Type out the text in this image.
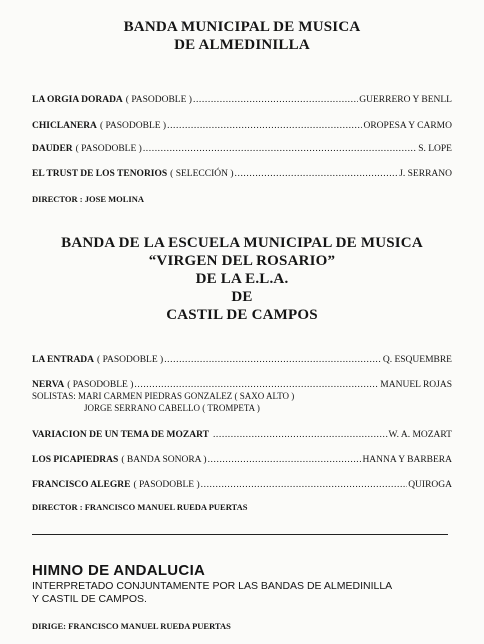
BANDA MUNICIPAL DE MUSICA
DE ALMEDINILLA
LA ORGIA DORADA ( PASODOBLE ) .....	GUERRERO Y BENLL
CHICLANERA ( PASODOBLE ) .....	OROPESA Y CARMO
DAUDER ( PASODOBLE ) .....	S. LOPE
EL TRUST DE LOS TENORIOS ( SELECCIÓN ) .....	J. SERRANO
DIRECTOR : JOSE MOLINA
BANDA DE LA ESCUELA MUNICIPAL DE MUSICA
“VIRGEN DEL ROSARIO”
DE LA E.L.A.
DE
CASTIL DE CAMPOS
LA ENTRADA ( PASODOBLE ) .....	Q. ESQUEMBRE
NERVA ( PASODOBLE ) .....	MANUEL ROJAS
SOLISTAS: MARI CARMEN PIEDRAS GONZALEZ ( SAXO ALTO )
JORGE SERRANO CABELLO ( TROMPETA )
VARIACION DE UN TEMA DE MOZART .....	W. A. MOZART
LOS PICAPIEDRAS ( BANDA SONORA ) .....	HANNA Y BARBERA
FRANCISCO ALEGRE ( PASODOBLE ) .....	QUIROGA
DIRECTOR : FRANCISCO MANUEL RUEDA PUERTAS
HIMNO DE ANDALUCIA
INTERPRETADO CONJUNTAMENTE POR LAS BANDAS DE ALMEDINILLA
Y CASTIL DE CAMPOS.
DIRIGE: FRANCISCO MANUEL RUEDA PUERTAS
